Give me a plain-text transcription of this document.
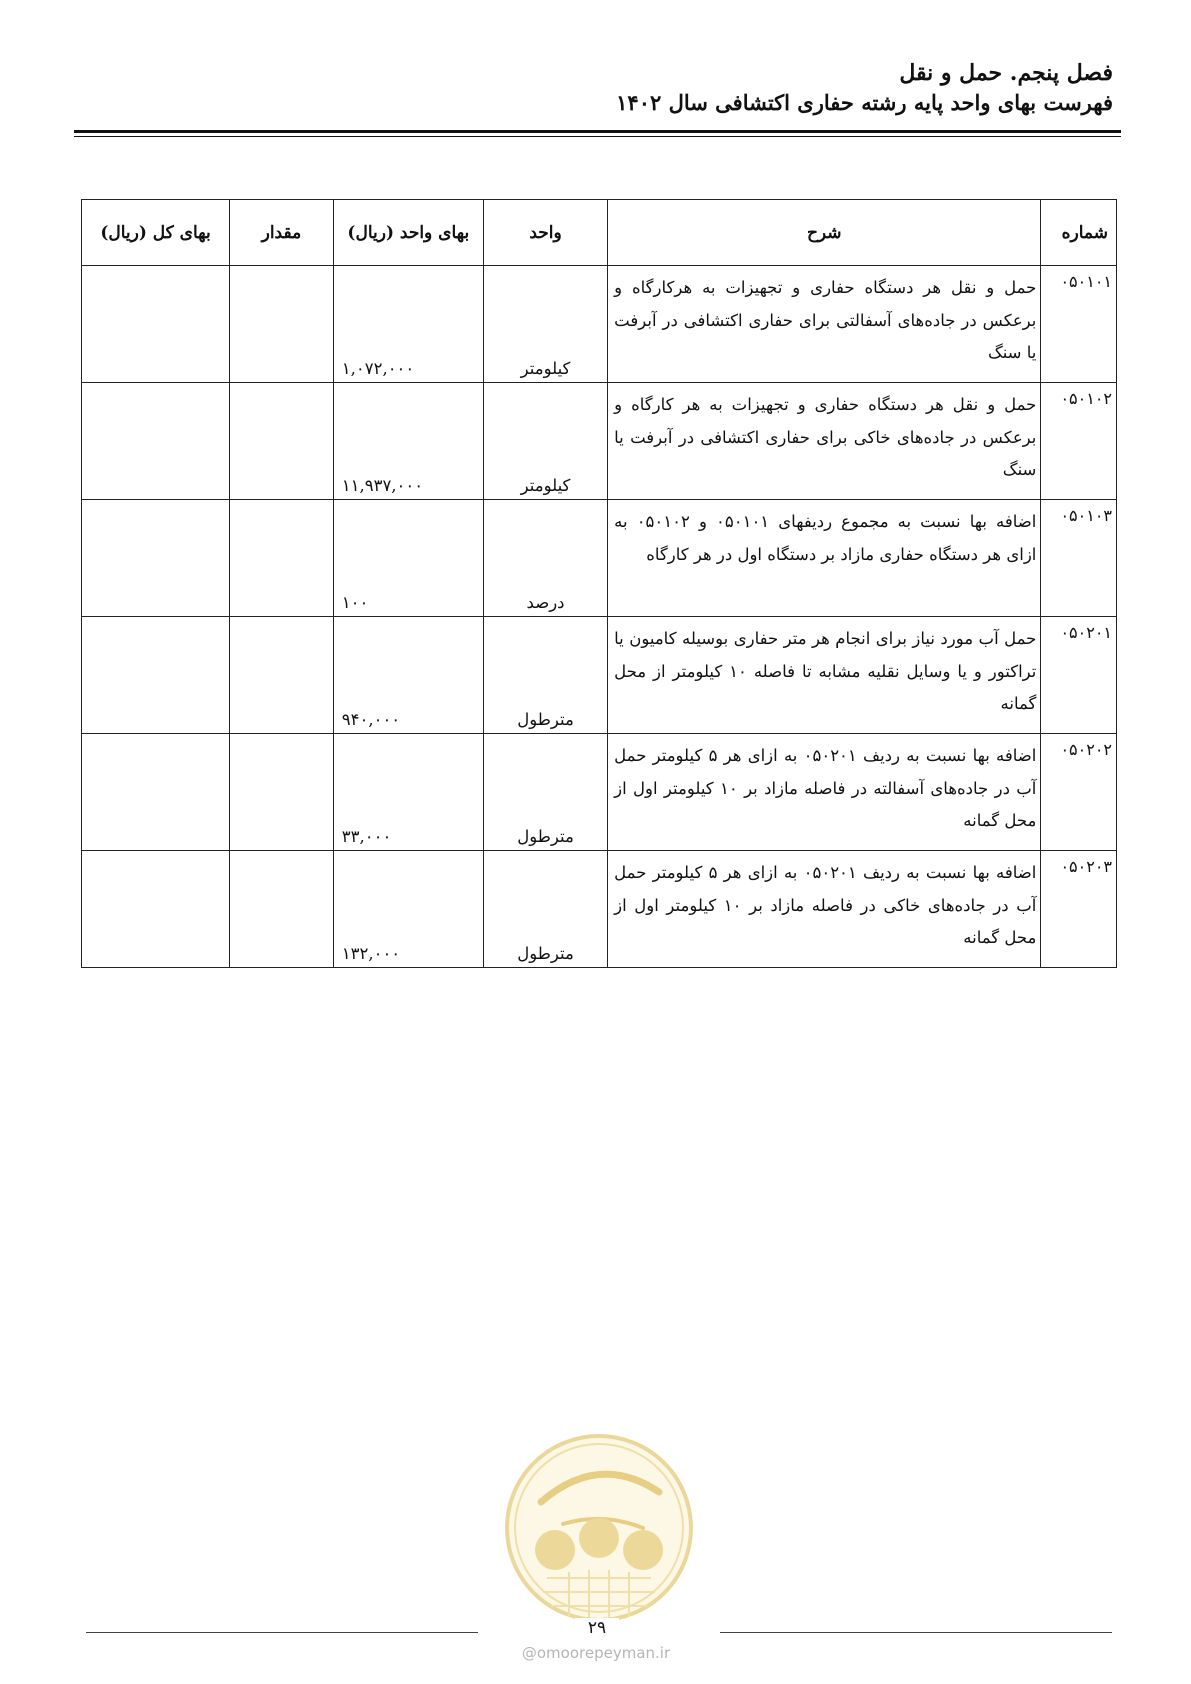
فصل پنجم. حمل و نقل
فهرست بهای واحد پایه رشته حفاری اکتشافی سال ۱۴۰۲
شماره	شرح	واحد	بهای واحد (ریال)	مقدار	بهای کل (ریال)
۰۵۰۱۰۱	حمل و نقل هر دستگاه حفاری و تجهیزات به هرکارگاه و برعکس در جاده‌های آسفالتی برای حفاری اکتشافی در آبرفت یا سنگ	کیلومتر	۱,۰۷۲,۰۰۰		
۰۵۰۱۰۲	حمل و نقل هر دستگاه حفاری و تجهیزات به هر کارگاه و برعکس در جاده‌های خاکی برای حفاری اکتشافی در آبرفت یا سنگ	کیلومتر	۱۱,۹۳۷,۰۰۰		
۰۵۰۱۰۳	اضافه بها نسبت به مجموع ردیفهای ۰۵۰۱۰۱ و ۰۵۰۱۰۲ به ازای هر دستگاه حفاری مازاد بر دستگاه اول در هر کارگاه	درصد	۱۰۰		
۰۵۰۲۰۱	حمل آب مورد نیاز برای انجام هر متر حفاری بوسیله کامیون یا تراکتور و یا وسایل نقلیه مشابه تا فاصله ۱۰ کیلومتر از محل گمانه	مترطول	۹۴۰,۰۰۰		
۰۵۰۲۰۲	اضافه بها نسبت به ردیف ۰۵۰۲۰۱ به ازای هر ۵ کیلومتر حمل آب در جاده‌های آسفالته در فاصله مازاد بر ۱۰ کیلومتر اول از محل گمانه	مترطول	۳۳,۰۰۰		
۰۵۰۲۰۳	اضافه بها نسبت به ردیف ۰۵۰۲۰۱ به ازای هر ۵ کیلومتر حمل آب در جاده‌های خاکی در فاصله مازاد بر ۱۰ کیلومتر اول از محل گمانه	مترطول	۱۳۲,۰۰۰		
۲۹
@omoorepeyman.ir
